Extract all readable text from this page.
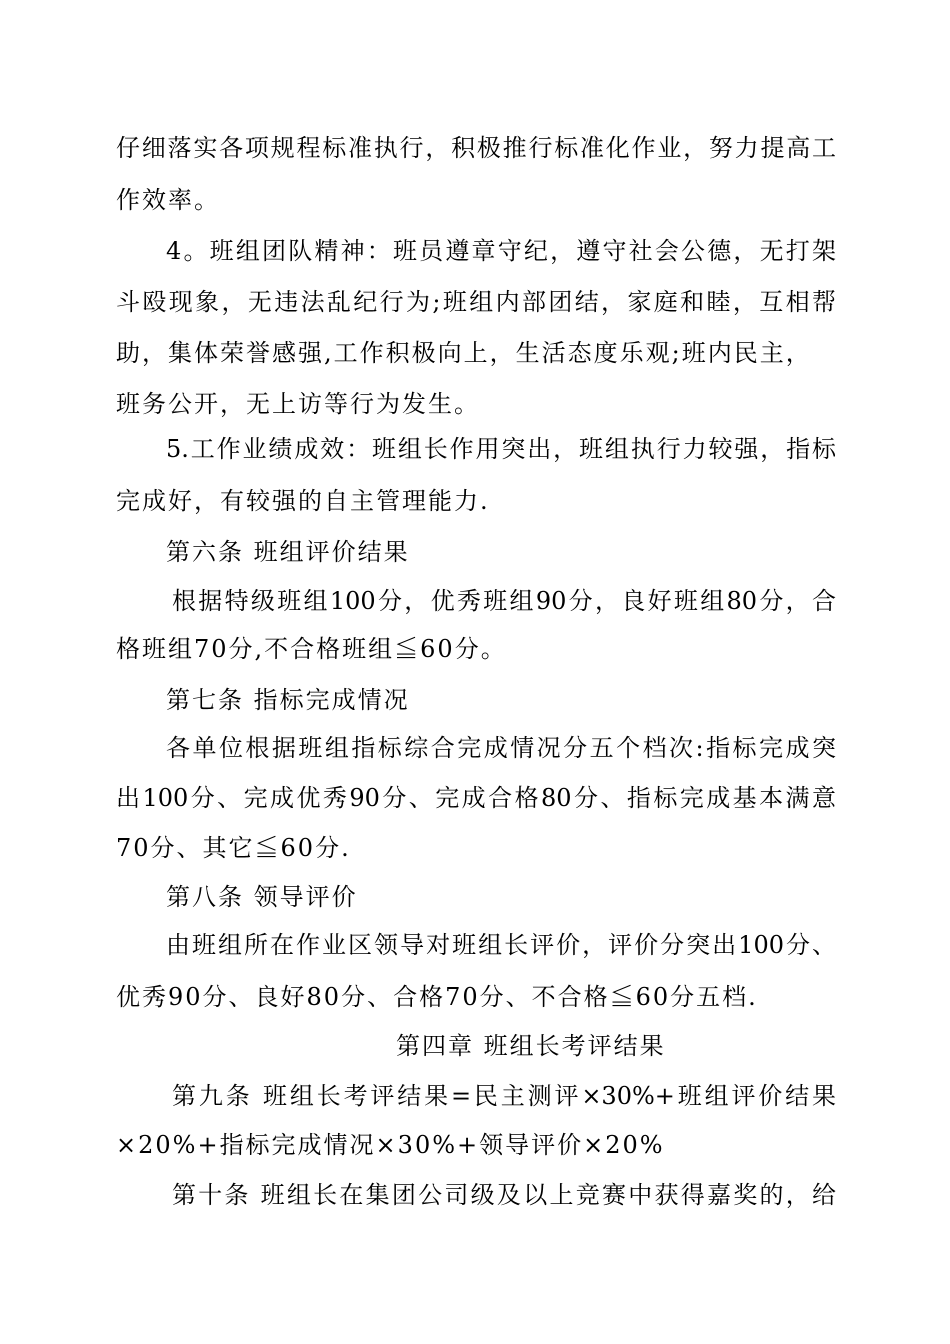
仔细落实各项规程标准执行，积极推行标准化作业，努力提高工

作效率。

4。班组团队精神：班员遵章守纪，遵守社会公德，无打架

斗殴现象，无违法乱纪行为;班组内部团结，家庭和睦，互相帮

助，集体荣誉感强,工作积极向上，生活态度乐观;班内民主，

班务公开，无上访等行为发生。

5.工作业绩成效：班组长作用突出，班组执行力较强，指标

完成好，有较强的自主管理能力.

第六条 班组评价结果

根据特级班组100分，优秀班组90分，良好班组80分，合

格班组70分,不合格班组≦60分。

第七条 指标完成情况

各单位根据班组指标综合完成情况分五个档次:指标完成突

出100分、完成优秀90分、完成合格80分、指标完成基本满意

70分、其它≦60分.

第八条 领导评价

由班组所在作业区领导对班组长评价，评价分突出100分、

优秀90分、良好80分、合格70分、不合格≦60分五档.

第四章 班组长考评结果

第九条 班组长考评结果=民主测评×30%+班组评价结果

×20%+指标完成情况×30%+领导评价×20%

第十条 班组长在集团公司级及以上竞赛中获得嘉奖的，给
